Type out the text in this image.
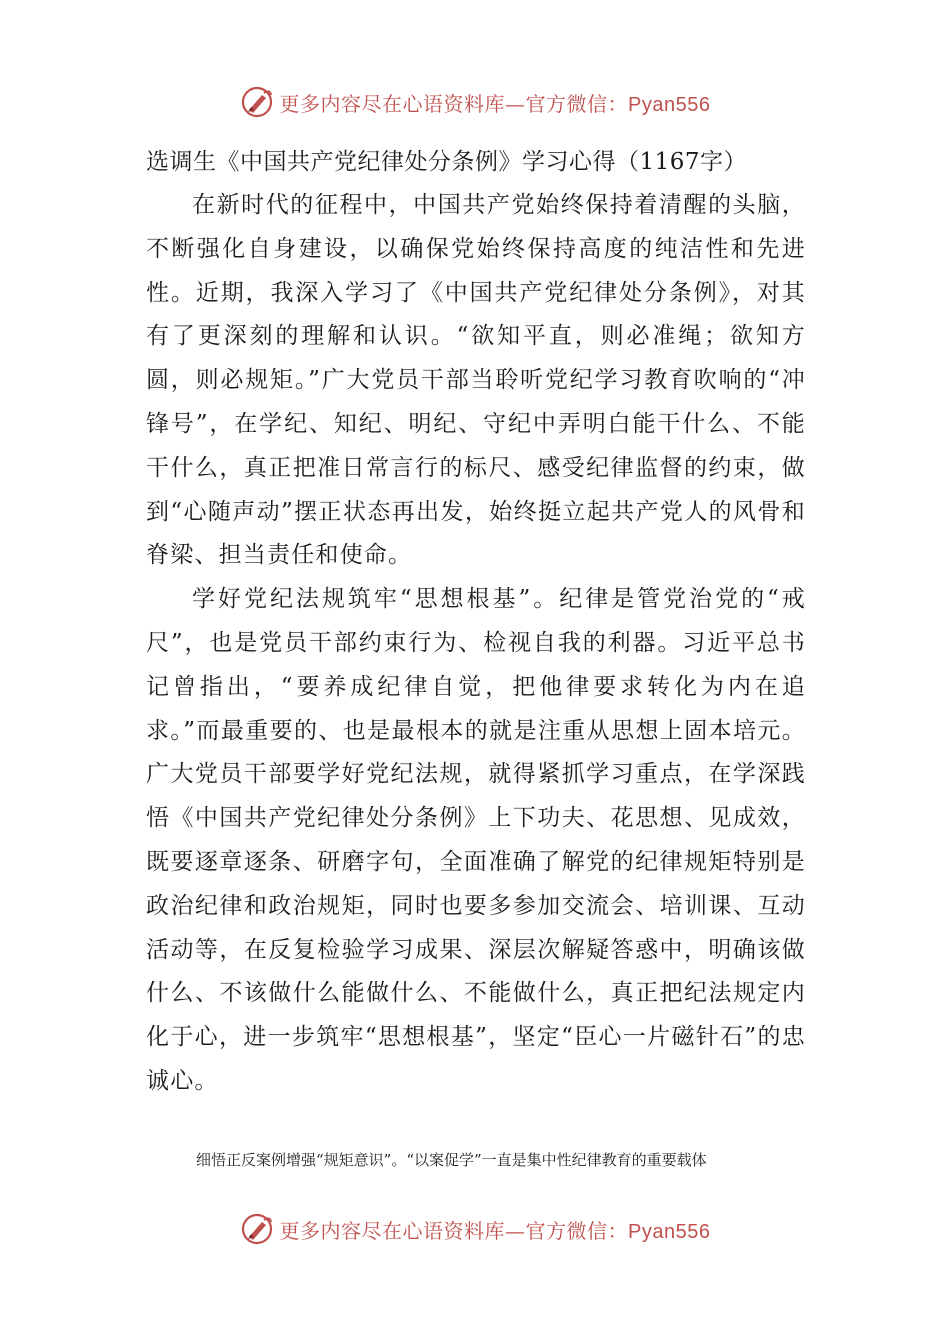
更多内容尽在心语资料库—官方微信：Pyan556

选调生《中国共产党纪律处分条例》学习心得（1167字）

在新时代的征程中，中国共产党始终保持着清醒的头脑，不断强化自身建设，以确保党始终保持高度的纯洁性和先进性。近期，我深入学习了《中国共产党纪律处分条例》，对其有了更深刻的理解和认识。“欲知平直，则必准绳；欲知方圆，则必规矩。”广大党员干部当聆听党纪学习教育吹响的“冲锋号”，在学纪、知纪、明纪、守纪中弄明白能干什么、不能干什么，真正把准日常言行的标尺、感受纪律监督的约束，做到“心随声动”摆正状态再出发，始终挺立起共产党人的风骨和脊梁、担当责任和使命。

学好党纪法规筑牢“思想根基”。纪律是管党治党的“戒尺”，也是党员干部约束行为、检视自我的利器。习近平总书记曾指出，“要养成纪律自觉，把他律要求转化为内在追求。”而最重要的、也是最根本的就是注重从思想上固本培元。广大党员干部要学好党纪法规，就得紧抓学习重点，在学深践悟《中国共产党纪律处分条例》上下功夫、花思想、见成效，既要逐章逐条、研磨字句，全面准确了解党的纪律规矩特别是政治纪律和政治规矩，同时也要多参加交流会、培训课、互动活动等，在反复检验学习成果、深层次解疑答惑中，明确该做什么、不该做什么能做什么、不能做什么，真正把纪法规定内化于心，进一步筑牢“思想根基”，坚定“臣心一片磁针石”的忠诚心。

细悟正反案例增强“规矩意识”。“以案促学”一直是集中性纪律教育的重要载体

更多内容尽在心语资料库—官方微信：Pyan556
